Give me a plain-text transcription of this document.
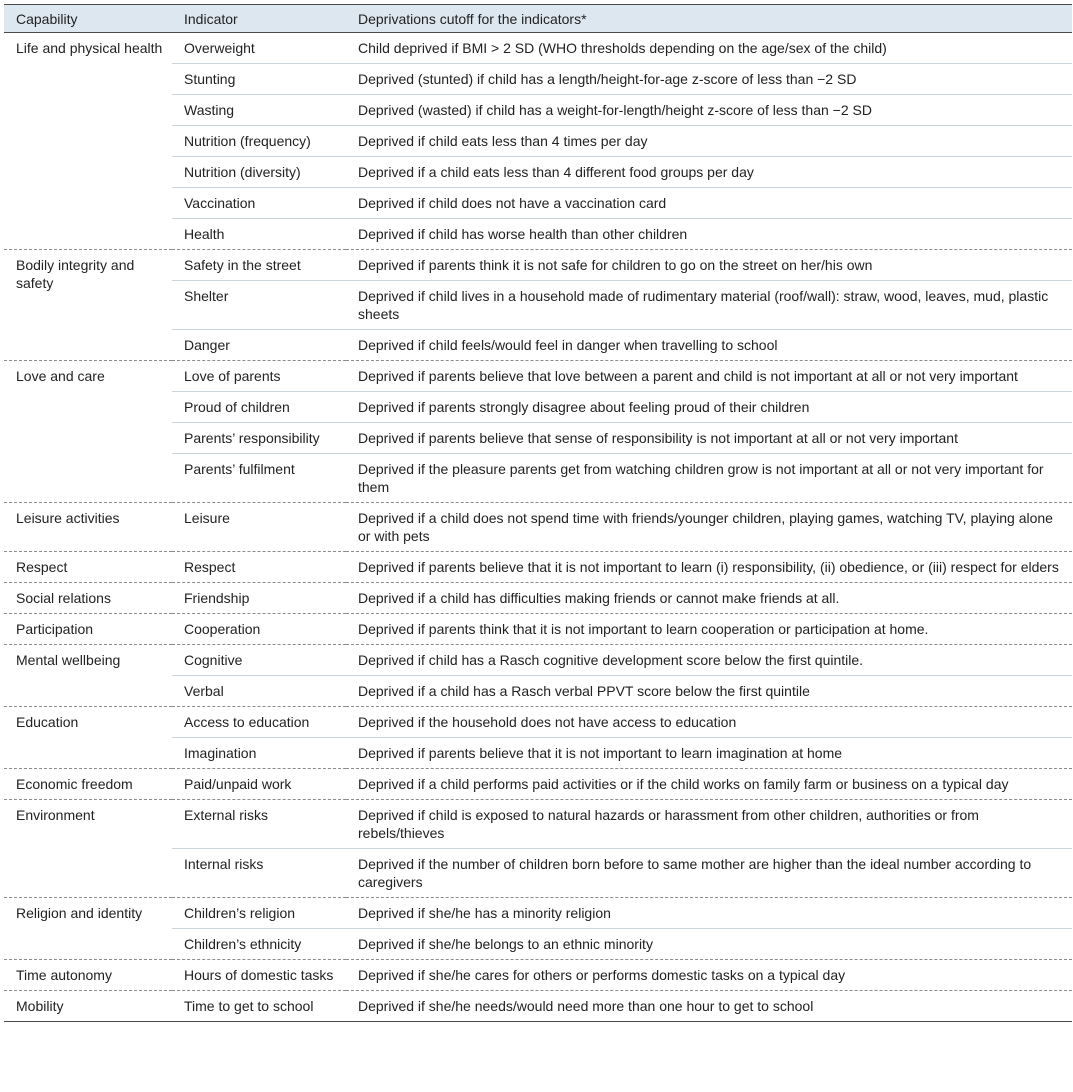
Capability	Indicator	Deprivations cutoff for the indicators*
Life and physical health	Overweight	Child deprived if BMI > 2 SD (WHO thresholds depending on the age/sex of the child)
	Stunting	Deprived (stunted) if child has a length/height-for-age z-score of less than −2 SD
	Wasting	Deprived (wasted) if child has a weight-for-length/height z-score of less than −2 SD
	Nutrition (frequency)	Deprived if child eats less than 4 times per day
	Nutrition (diversity)	Deprived if a child eats less than 4 different food groups per day
	Vaccination	Deprived if child does not have a vaccination card
	Health	Deprived if child has worse health than other children
Bodily integrity and safety	Safety in the street	Deprived if parents think it is not safe for children to go on the street on her/his own
	Shelter	Deprived if child lives in a household made of rudimentary material (roof/wall): straw, wood, leaves, mud, plastic sheets
	Danger	Deprived if child feels/would feel in danger when travelling to school
Love and care	Love of parents	Deprived if parents believe that love between a parent and child is not important at all or not very important
	Proud of children	Deprived if parents strongly disagree about feeling proud of their children
	Parents’ responsibility	Deprived if parents believe that sense of responsibility is not important at all or not very important
	Parents’ fulfilment	Deprived if the pleasure parents get from watching children grow is not important at all or not very important for them
Leisure activities	Leisure	Deprived if a child does not spend time with friends/younger children, playing games, watching TV, playing alone or with pets
Respect	Respect	Deprived if parents believe that it is not important to learn (i) responsibility, (ii) obedience, or (iii) respect for elders
Social relations	Friendship	Deprived if a child has difficulties making friends or cannot make friends at all.
Participation	Cooperation	Deprived if parents think that it is not important to learn cooperation or participation at home.
Mental wellbeing	Cognitive	Deprived if child has a Rasch cognitive development score below the first quintile.
	Verbal	Deprived if a child has a Rasch verbal PPVT score below the first quintile
Education	Access to education	Deprived if the household does not have access to education
	Imagination	Deprived if parents believe that it is not important to learn imagination at home
Economic freedom	Paid/unpaid work	Deprived if a child performs paid activities or if the child works on family farm or business on a typical day
Environment	External risks	Deprived if child is exposed to natural hazards or harassment from other children, authorities or from rebels/thieves
	Internal risks	Deprived if the number of children born before to same mother are higher than the ideal number according to caregivers
Religion and identity	Children’s religion	Deprived if she/he has a minority religion
	Children’s ethnicity	Deprived if she/he belongs to an ethnic minority
Time autonomy	Hours of domestic tasks	Deprived if she/he cares for others or performs domestic tasks on a typical day
Mobility	Time to get to school	Deprived if she/he needs/would need more than one hour to get to school
